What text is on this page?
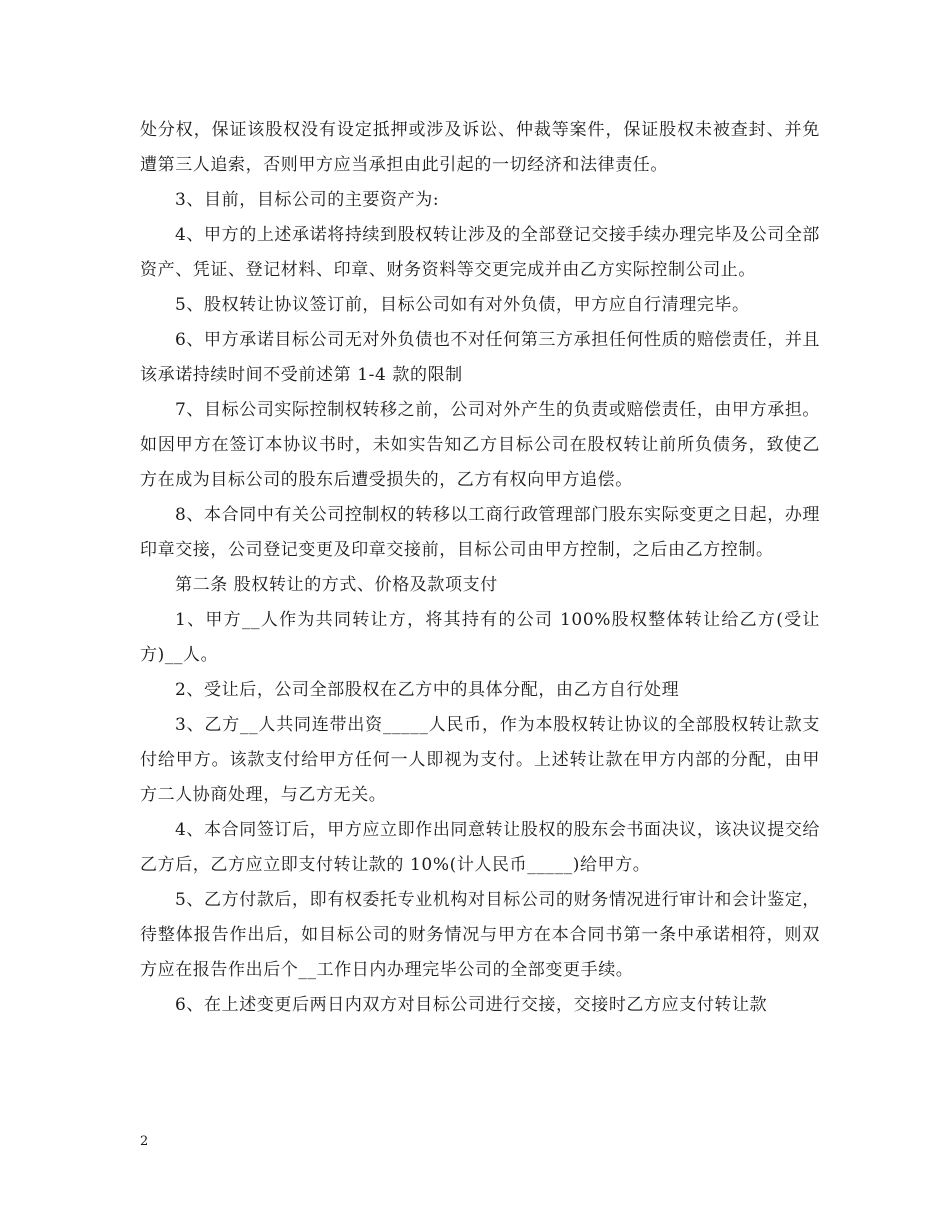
处分权，保证该股权没有设定抵押或涉及诉讼、仲裁等案件，保证股权未被查封、并免遭第三人追索，否则甲方应当承担由此引起的一切经济和法律责任。

3、目前，目标公司的主要资产为:

4、甲方的上述承诺将持续到股权转让涉及的全部登记交接手续办理完毕及公司全部资产、凭证、登记材料、印章、财务资料等交更完成并由乙方实际控制公司止。

5、股权转让协议签订前，目标公司如有对外负债，甲方应自行清理完毕。

6、甲方承诺目标公司无对外负债也不对任何第三方承担任何性质的赔偿责任，并且该承诺持续时间不受前述第 1-4 款的限制

7、目标公司实际控制权转移之前，公司对外产生的负责或赔偿责任，由甲方承担。如因甲方在签订本协议书时，未如实告知乙方目标公司在股权转让前所负债务，致使乙方在成为目标公司的股东后遭受损失的，乙方有权向甲方追偿。

8、本合同中有关公司控制权的转移以工商行政管理部门股东实际变更之日起，办理印章交接，公司登记变更及印章交接前，目标公司由甲方控制，之后由乙方控制。

第二条 股权转让的方式、价格及款项支付

1、甲方__人作为共同转让方，将其持有的公司 100%股权整体转让给乙方(受让方)__人。

2、受让后，公司全部股权在乙方中的具体分配，由乙方自行处理

3、乙方__人共同连带出资_____人民币，作为本股权转让协议的全部股权转让款支付给甲方。该款支付给甲方任何一人即视为支付。上述转让款在甲方内部的分配，由甲方二人协商处理，与乙方无关。

4、本合同签订后，甲方应立即作出同意转让股权的股东会书面决议，该决议提交给乙方后，乙方应立即支付转让款的 10%(计人民币_____)给甲方。

5、乙方付款后，即有权委托专业机构对目标公司的财务情况进行审计和会计鉴定，待整体报告作出后，如目标公司的财务情况与甲方在本合同书第一条中承诺相符，则双方应在报告作出后个__工作日内办理完毕公司的全部变更手续。

6、在上述变更后两日内双方对目标公司进行交接，交接时乙方应支付转让款

2
